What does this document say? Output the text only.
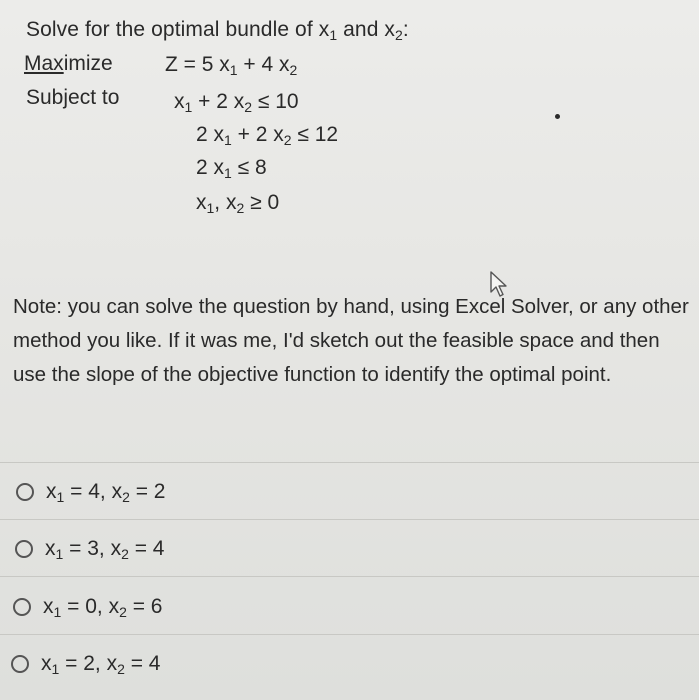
Solve for the optimal bundle of $x_1$ and $x_2$:
Maximize Z = 5 $x_1 + 4$ $x_2$
Subject to	$x_1 + 2$ $x_2 \le 10$
2 $x_1 + 2$ $x_2 \le 12$
2 $x_1 \le 8$
$x_1$, $x_2 \ge 0$
Note: you can solve the question by hand, using Excel Solver, or any other method you like. If it was me, I'd sketch out the feasible space and then use the slope of the objective function to identify the optimal point.
$x_1 = 4$, $x_2 = 2$
$x_1 = 3$, $x_2 = 4$
$x_1 = 0$, $x_2 = 6$
$x_1 = 2$, $x_2 = 4$
